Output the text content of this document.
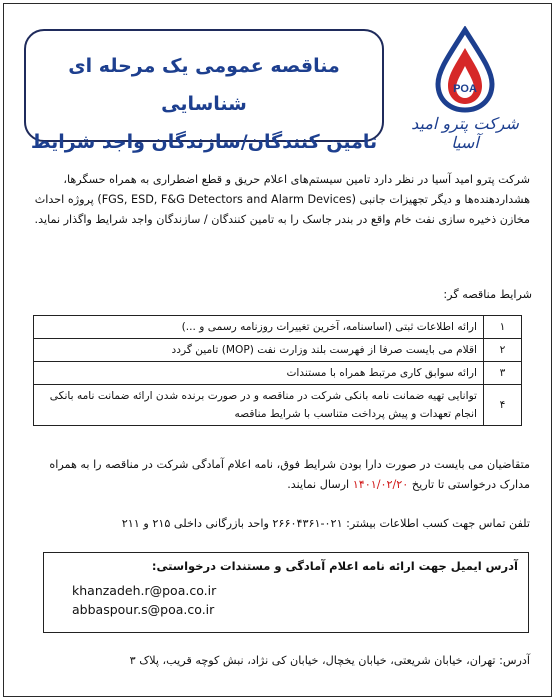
مناقصه عمومی یک مرحله ای شناسایی
تامین کنندگان/سازندگان واجد شرایط
POA
شرکت پترو امید آسیا
شرکت پترو امید آسیا در نظر دارد تامین سیستم‌های اعلام حریق و قطع اضطراری به همراه حسگرها، هشداردهنده‌ها و دیگر تجهیزات جانبی (FGS, ESD, F&G Detectors and Alarm Devices) پروژه احداث مخازن ذخیره سازی نفت خام واقع در بندر جاسک را به تامین کنندگان / سازندگان واجد شرایط واگذار نماید.
شرایط مناقصه گر:
۱	ارائه اطلاعات ثبتی (اساسنامه، آخرین تغییرات روزنامه رسمی و ...)
۲	اقلام می بایست صرفا از فهرست بلند وزارت نفت (MOP) تامین گردد
۳	ارائه سوابق کاری مرتبط همراه با مستندات
۴	توانایی تهیه ضمانت نامه بانکی شرکت در مناقصه و در صورت برنده شدن ارائه ضمانت نامه بانکی انجام تعهدات و پیش پرداخت متناسب با شرایط مناقصه
متقاضیان می بایست در صورت دارا بودن شرایط فوق، نامه اعلام آمادگی شرکت در مناقصه را به همراه مدارک درخواستی تا تاریخ ۱۴۰۱/۰۲/۲۰ ارسال نمایند.
تلفن تماس جهت کسب اطلاعات بیشتر: ۰۲۱-۲۶۶۰۴۳۶۱ واحد بازرگانی داخلی ۲۱۵ و ۲۱۱
آدرس ایمیل جهت ارائه نامه اعلام آمادگی و مستندات درخواستی:
khanzadeh.r@poa.co.ir
abbaspour.s@poa.co.ir
آدرس: تهران، خیابان شریعتی، خیابان یخچال، خیابان کی نژاد، نبش کوچه قریب، پلاک ۳
